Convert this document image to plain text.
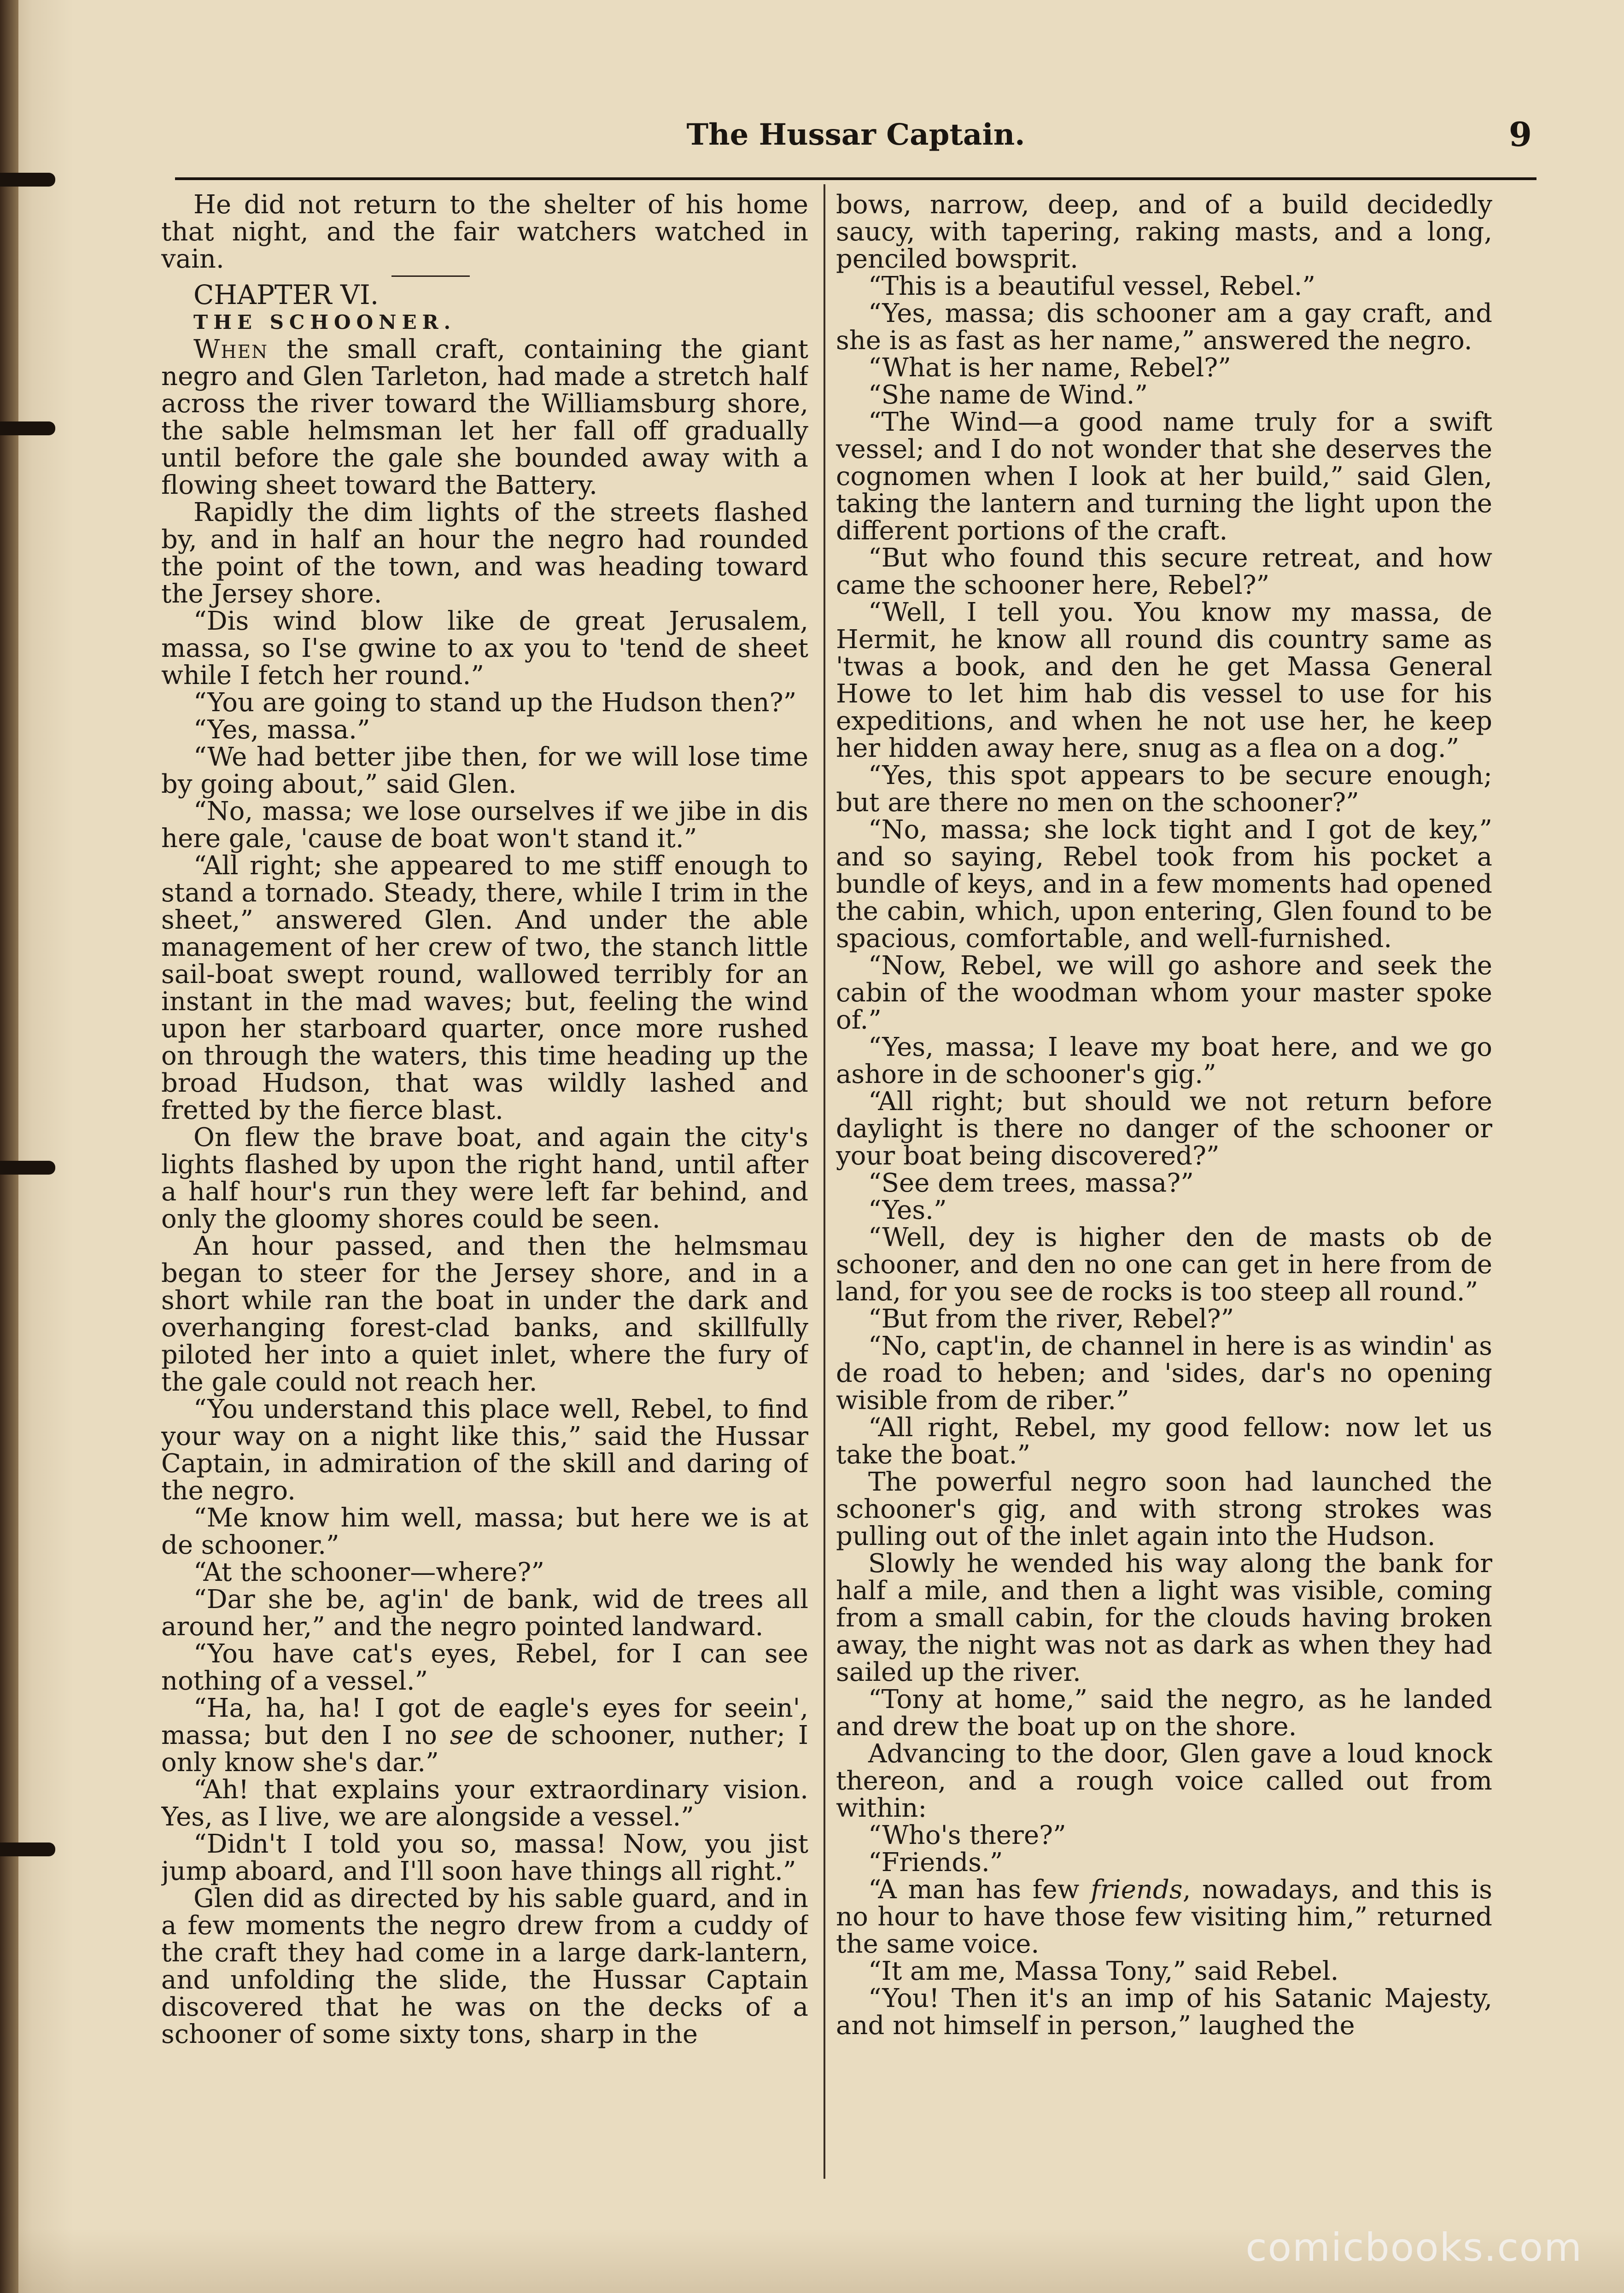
The Hussar Captain.	9

He did not return to the shelter of his home that night, and the fair watchers watched in vain.

CHAPTER VI.

THE SCHOONER.

When the small craft, containing the giant negro and Glen Tarleton, had made a stretch half across the river toward the Williamsburg shore, the sable helmsman let her fall off gradually until before the gale she bounded away with a flowing sheet toward the Battery.

Rapidly the dim lights of the streets flashed by, and in half an hour the negro had rounded the point of the town, and was heading toward the Jersey shore.

“Dis wind blow like de great Jerusalem, massa, so I'se gwine to ax you to 'tend de sheet while I fetch her round.”

“You are going to stand up the Hudson then?”

“Yes, massa.”

“We had better jibe then, for we will lose time by going about,” said Glen.

“No, massa; we lose ourselves if we jibe in dis here gale, 'cause de boat won't stand it.”

“All right; she appeared to me stiff enough to stand a tornado. Steady, there, while I trim in the sheet,” answered Glen. And under the able management of her crew of two, the stanch little sail-boat swept round, wallowed terribly for an instant in the mad waves; but, feeling the wind upon her starboard quarter, once more rushed on through the waters, this time heading up the broad Hudson, that was wildly lashed and fretted by the fierce blast.

On flew the brave boat, and again the city's lights flashed by upon the right hand, until after a half hour's run they were left far behind, and only the gloomy shores could be seen.

An hour passed, and then the helmsmau began to steer for the Jersey shore, and in a short while ran the boat in under the dark and overhanging forest-clad banks, and skillfully piloted her into a quiet inlet, where the fury of the gale could not reach her.

“You understand this place well, Rebel, to find your way on a night like this,” said the Hussar Captain, in admiration of the skill and daring of the negro.

“Me know him well, massa; but here we is at de schooner.”

“At the schooner—where?”

“Dar she be, ag'in' de bank, wid de trees all around her,” and the negro pointed landward.

“You have cat's eyes, Rebel, for I can see nothing of a vessel.”

“Ha, ha, ha! I got de eagle's eyes for seein', massa; but den I no see de schooner, nuther; I only know she's dar.”

“Ah! that explains your extraordinary vision. Yes, as I live, we are alongside a vessel.”

“Didn't I told you so, massa! Now, you jist jump aboard, and I'll soon have things all right.”

Glen did as directed by his sable guard, and in a few moments the negro drew from a cuddy of the craft they had come in a large dark-lantern, and unfolding the slide, the Hussar Captain discovered that he was on the decks of a schooner of some sixty tons, sharp in the

bows, narrow, deep, and of a build decidedly saucy, with tapering, raking masts, and a long, penciled bowsprit.

“This is a beautiful vessel, Rebel.”

“Yes, massa; dis schooner am a gay craft, and she is as fast as her name,” answered the negro.

“What is her name, Rebel?”

“She name de Wind.”

“The Wind—a good name truly for a swift vessel; and I do not wonder that she deserves the cognomen when I look at her build,” said Glen, taking the lantern and turning the light upon the different portions of the craft.

“But who found this secure retreat, and how came the schooner here, Rebel?”

“Well, I tell you. You know my massa, de Hermit, he know all round dis country same as 'twas a book, and den he get Massa General Howe to let him hab dis vessel to use for his expeditions, and when he not use her, he keep her hidden away here, snug as a flea on a dog.”

“Yes, this spot appears to be secure enough; but are there no men on the schooner?”

“No, massa; she lock tight and I got de key,” and so saying, Rebel took from his pocket a bundle of keys, and in a few moments had opened the cabin, which, upon entering, Glen found to be spacious, comfortable, and well-furnished.

“Now, Rebel, we will go ashore and seek the cabin of the woodman whom your master spoke of.”

“Yes, massa; I leave my boat here, and we go ashore in de schooner's gig.”

“All right; but should we not return before daylight is there no danger of the schooner or your boat being discovered?”

“See dem trees, massa?”

“Yes.”

“Well, dey is higher den de masts ob de schooner, and den no one can get in here from de land, for you see de rocks is too steep all round.”

“But from the river, Rebel?”

“No, capt'in, de channel in here is as windin' as de road to heben; and 'sides, dar's no opening wisible from de riber.”

“All right, Rebel, my good fellow: now let us take the boat.”

The powerful negro soon had launched the schooner's gig, and with strong strokes was pulling out of the inlet again into the Hudson.

Slowly he wended his way along the bank for half a mile, and then a light was visible, coming from a small cabin, for the clouds having broken away, the night was not as dark as when they had sailed up the river.

“Tony at home,” said the negro, as he landed and drew the boat up on the shore.

Advancing to the door, Glen gave a loud knock thereon, and a rough voice called out from within:

“Who's there?”

“Friends.”

“A man has few friends, nowadays, and this is no hour to have those few visiting him,” returned the same voice.

“It am me, Massa Tony,” said Rebel.

“You! Then it's an imp of his Satanic Majesty, and not himself in person,” laughed the

comicbooks.com
